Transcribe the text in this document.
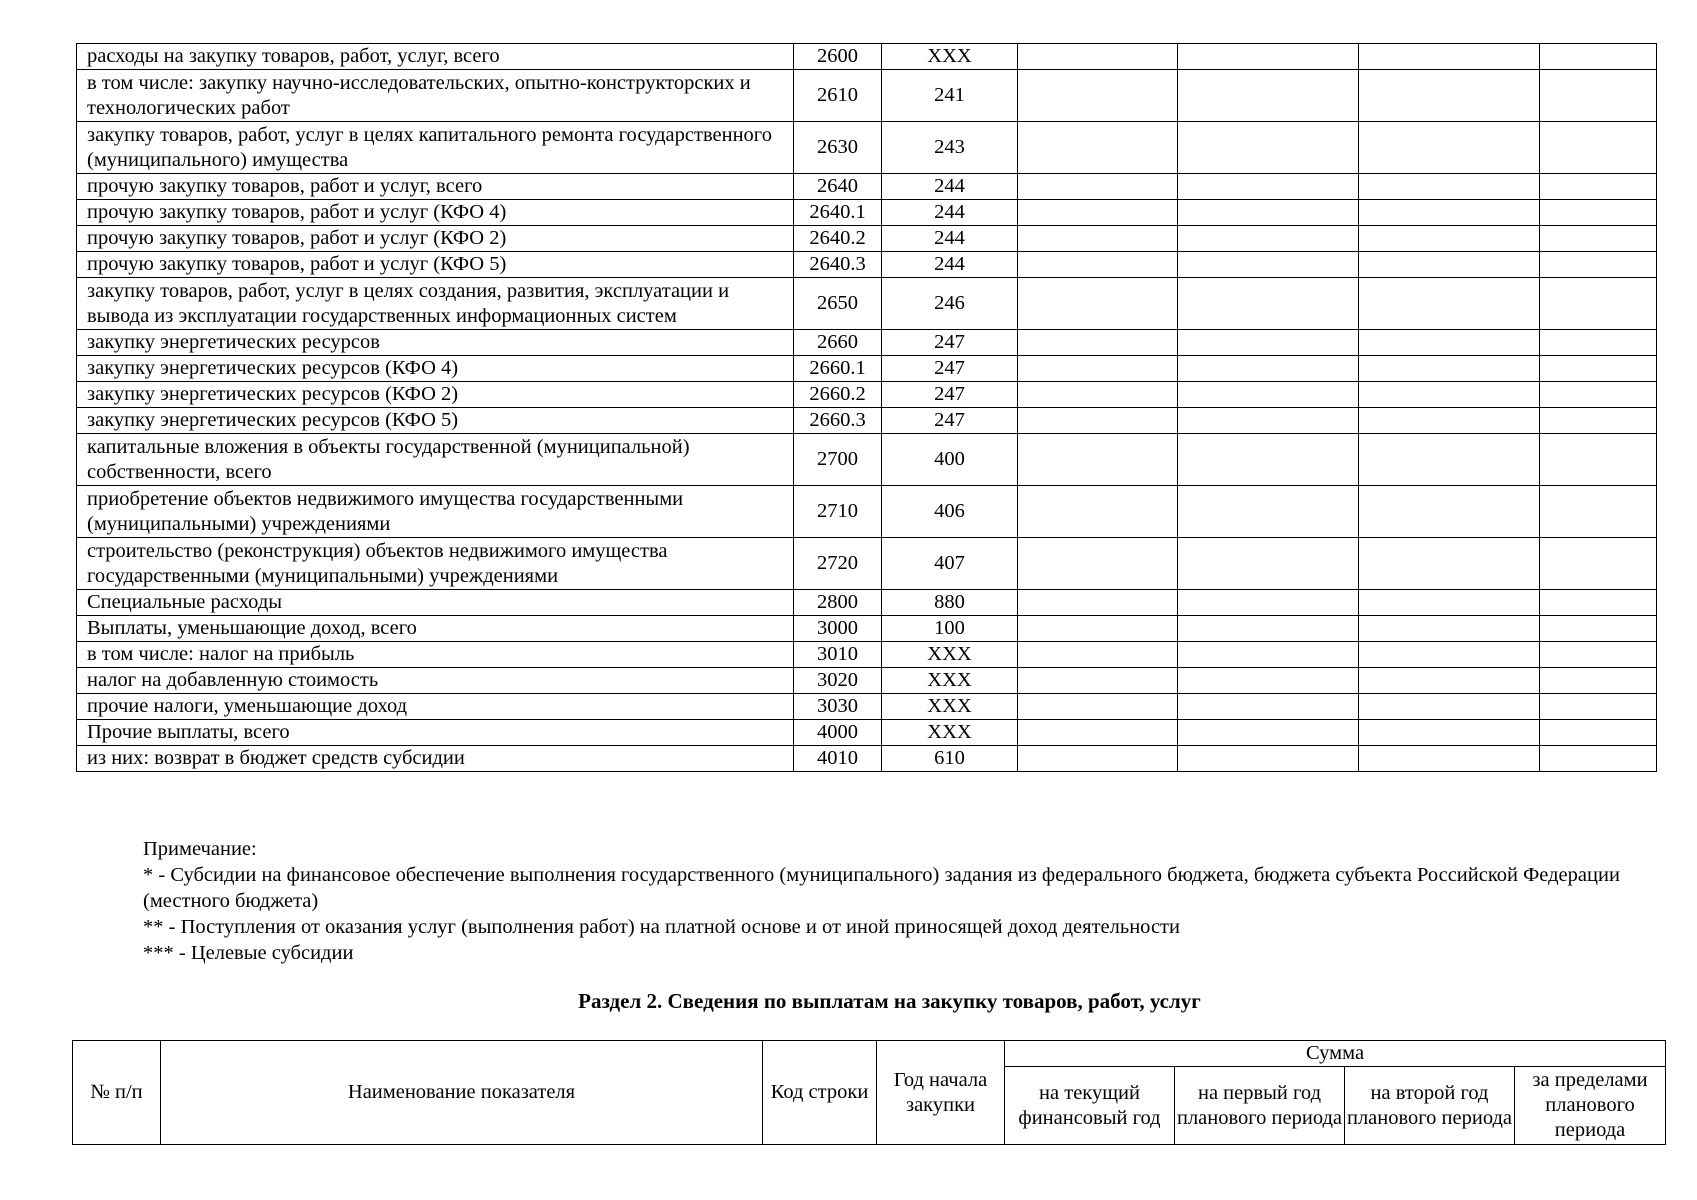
расходы на закупку товаров, работ, услуг, всего	2600	XXX				
в том числе: закупку научно-исследовательских, опытно-конструкторских и технологических работ	2610	241				
закупку товаров, работ, услуг в целях капитального ремонта государственного (муниципального) имущества	2630	243				
прочую закупку товаров, работ и услуг, всего	2640	244				
прочую закупку товаров, работ и услуг (КФО 4)	2640.1	244				
прочую закупку товаров, работ и услуг (КФО 2)	2640.2	244				
прочую закупку товаров, работ и услуг (КФО 5)	2640.3	244				
закупку товаров, работ, услуг в целях создания, развития, эксплуатации и вывода из эксплуатации государственных информационных систем	2650	246				
закупку энергетических ресурсов	2660	247				
закупку энергетических ресурсов (КФО 4)	2660.1	247				
закупку энергетических ресурсов (КФО 2)	2660.2	247				
закупку энергетических ресурсов (КФО 5)	2660.3	247				
капитальные вложения в объекты государственной (муниципальной) собственности, всего	2700	400				
приобретение объектов недвижимого имущества государственными (муниципальными) учреждениями	2710	406				
строительство (реконструкция) объектов недвижимого имущества государственными (муниципальными) учреждениями	2720	407				
Специальные расходы	2800	880				
Выплаты, уменьшающие доход, всего	3000	100				
в том числе: налог на прибыль	3010	XXX				
налог на добавленную стоимость	3020	XXX				
прочие налоги, уменьшающие доход	3030	XXX				
Прочие выплаты, всего	4000	XXX				
из них: возврат в бюджет средств субсидии	4010	610				

Примечание:

* - Субсидии на финансовое обеспечение выполнения государственного (муниципального) задания из федерального бюджета, бюджета субъекта Российской Федерации (местного бюджета)

** - Поступления от оказания услуг (выполнения работ) на платной основе и от иной приносящей доход деятельности

*** - Целевые субсидии

Раздел 2. Сведения по выплатам на закупку товаров, работ, услуг
№ п/п	Наименование показателя	Код строки	Год начала закупки	Сумма			
				на текущий финансовый год	на первый год планового периода	на второй год планового периода	за пределами планового периода
